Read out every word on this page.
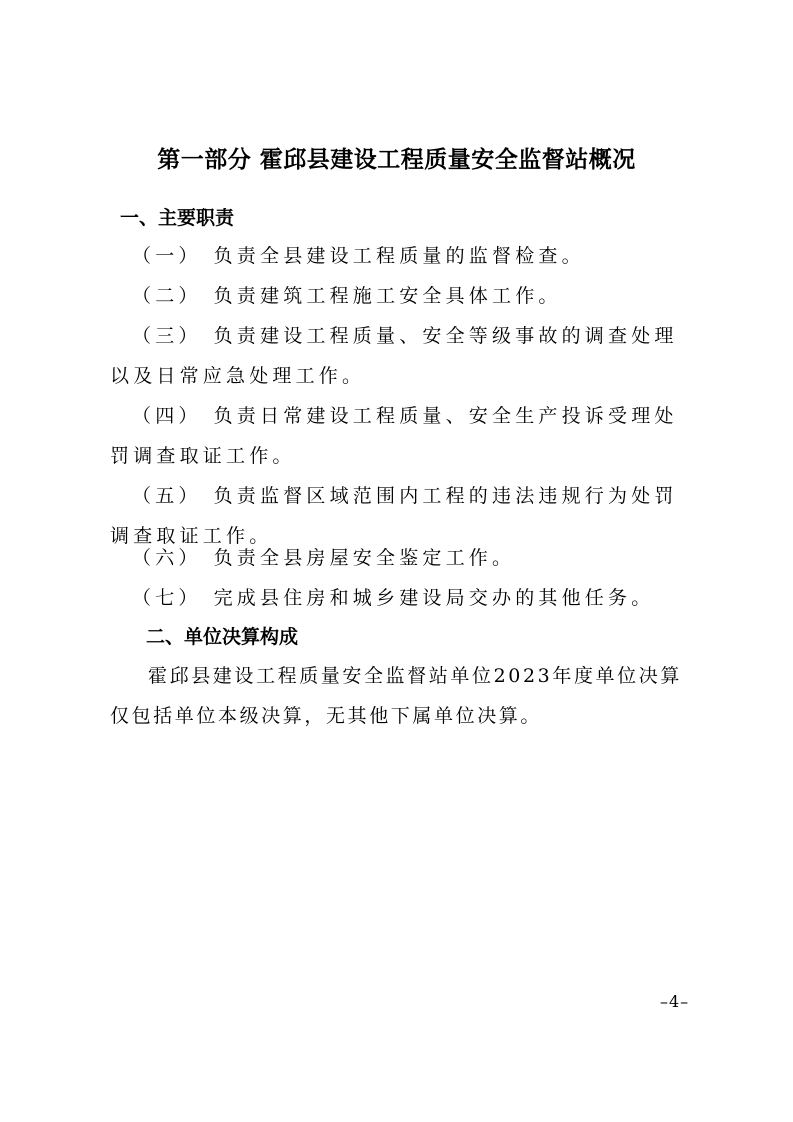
第一部分 霍邱县建设工程质量安全监督站概况
一、主要职责
（一） 负责全县建设工程质量的监督检查。
（二） 负责建筑工程施工安全具体工作。
（三） 负责建设工程质量、安全等级事故的调查处理以及日常应急处理工作。
（四） 负责日常建设工程质量、安全生产投诉受理处罚调查取证工作。
（五） 负责监督区域范围内工程的违法违规行为处罚调查取证工作。
（六） 负责全县房屋安全鉴定工作。
（七） 完成县住房和城乡建设局交办的其他任务。
二、单位决算构成
霍邱县建设工程质量安全监督站单位2023年度单位决算仅包括单位本级决算，无其他下属单位决算。
–4–
